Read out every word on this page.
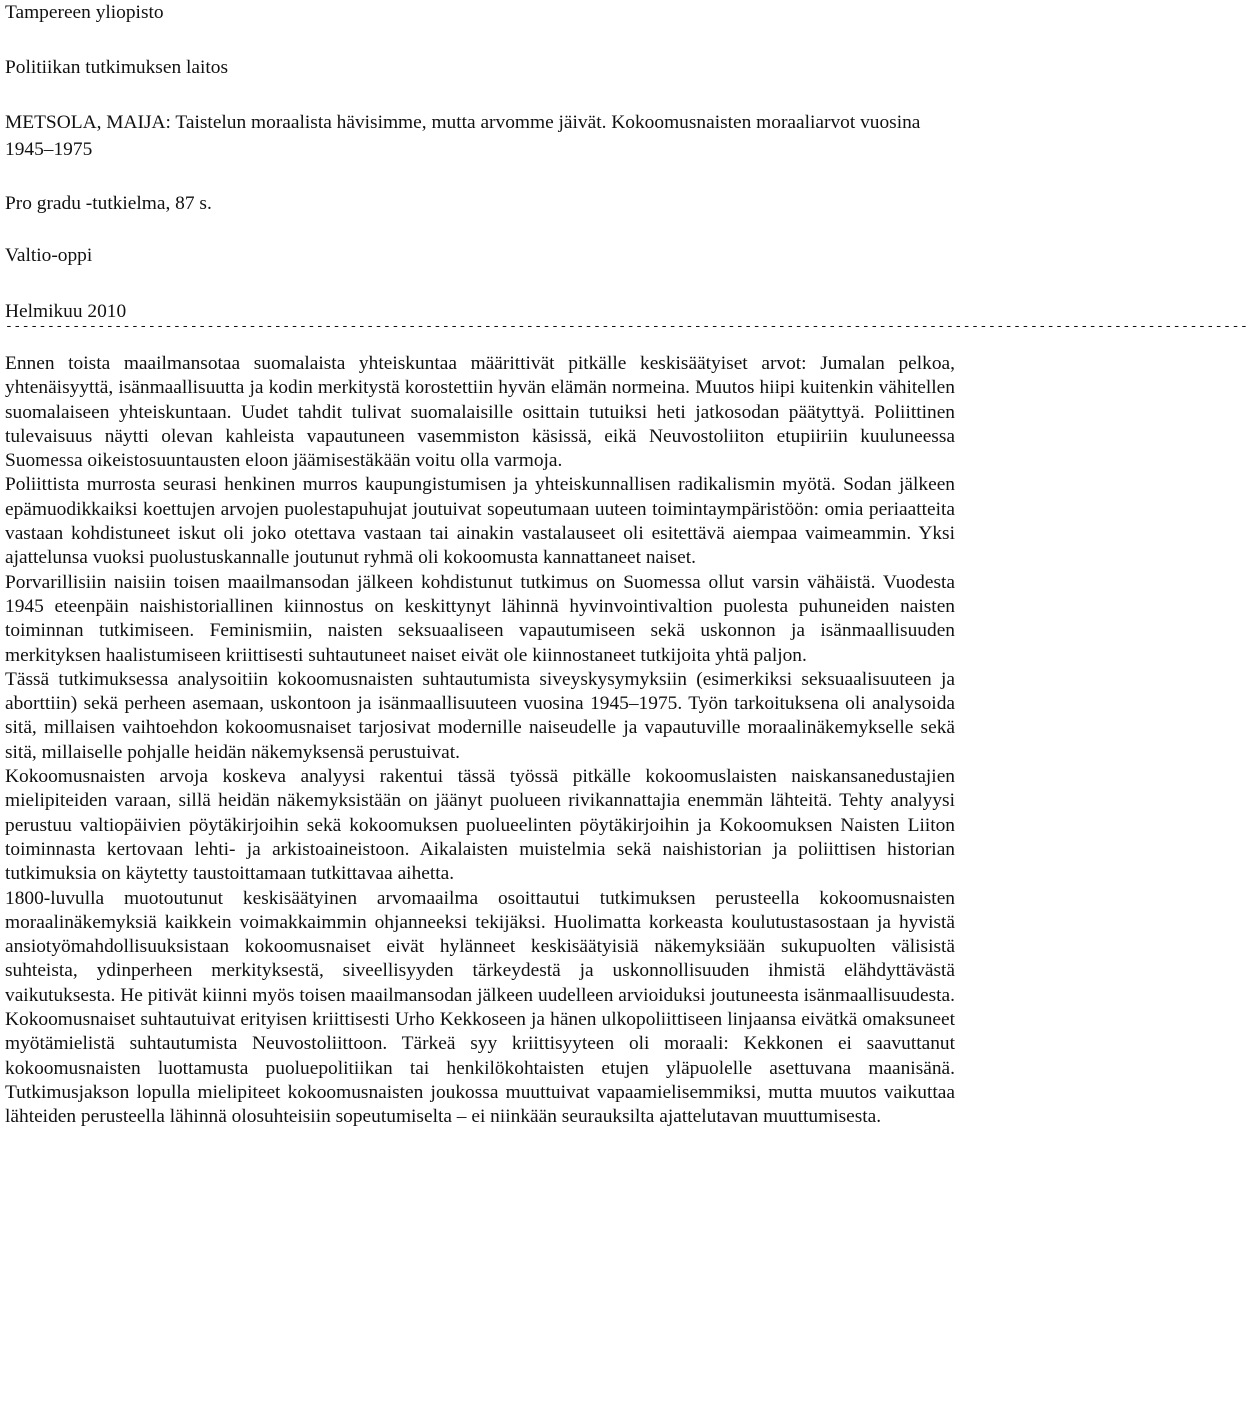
Tampereen yliopisto

Politiikan tutkimuksen laitos

METSOLA, MAIJA: Taistelun moraalista hävisimme, mutta arvomme jäivät. Kokoomusnaisten moraaliarvot vuosina 1945–1975

Pro gradu -tutkielma, 87 s.

Valtio-oppi

Helmikuu 2010

----------------------------------------------------------------------------------------------------------------------------------------------------

Ennen toista maailmansotaa suomalaista yhteiskuntaa määrittivät pitkälle keskisäätyiset arvot: Jumalan pelkoa, yhtenäisyyttä, isänmaallisuutta ja kodin merkitystä korostettiin hyvän elämän normeina. Muutos hiipi kuitenkin vähitellen suomalaiseen yhteiskuntaan. Uudet tahdit tulivat suomalaisille osittain tutuiksi heti jatkosodan päätyttyä. Poliittinen tulevaisuus näytti olevan kahleista vapautuneen vasemmiston käsissä, eikä Neuvostoliiton etupiiriin kuuluneessa Suomessa oikeistosuuntausten eloon jäämisestäkään voitu olla varmoja.

Poliittista murrosta seurasi henkinen murros kaupungistumisen ja yhteiskunnallisen radikalismin myötä. Sodan jälkeen epämuodikkaiksi koettujen arvojen puolestapuhujat joutuivat sopeutumaan uuteen toimintaympäristöön: omia periaatteita vastaan kohdistuneet iskut oli joko otettava vastaan tai ainakin vastalauseet oli esitettävä aiempaa vaimeammin. Yksi ajattelunsa vuoksi puolustuskannalle joutunut ryhmä oli kokoomusta kannattaneet naiset.

Porvarillisiin naisiin toisen maailmansodan jälkeen kohdistunut tutkimus on Suomessa ollut varsin vähäistä. Vuodesta 1945 eteenpäin naishistoriallinen kiinnostus on keskittynyt lähinnä hyvinvointivaltion puolesta puhuneiden naisten toiminnan tutkimiseen. Feminismiin, naisten seksuaaliseen vapautumiseen sekä uskonnon ja isänmaallisuuden merkityksen haalistumiseen kriittisesti suhtautuneet naiset eivät ole kiinnostaneet tutkijoita yhtä paljon.

Tässä tutkimuksessa analysoitiin kokoomusnaisten suhtautumista siveyskysymyksiin (esimerkiksi seksuaalisuuteen ja aborttiin) sekä perheen asemaan, uskontoon ja isänmaallisuuteen vuosina 1945–1975. Työn tarkoituksena oli analysoida sitä, millaisen vaihtoehdon kokoomusnaiset tarjosivat modernille naiseudelle ja vapautuville moraalinäkemykselle sekä sitä, millaiselle pohjalle heidän näkemyksensä perustuivat.

Kokoomusnaisten arvoja koskeva analyysi rakentui tässä työssä pitkälle kokoomuslaisten naiskansanedustajien mielipiteiden varaan, sillä heidän näkemyksistään on jäänyt puolueen rivikannattajia enemmän lähteitä. Tehty analyysi perustuu valtiopäivien pöytäkirjoihin sekä kokoomuksen puolueelinten pöytäkirjoihin ja Kokoomuksen Naisten Liiton toiminnasta kertovaan lehti- ja arkistoaineistoon. Aikalaisten muistelmia sekä naishistorian ja poliittisen historian tutkimuksia on käytetty taustoittamaan tutkittavaa aihetta.

1800-luvulla muotoutunut keskisäätyinen arvomaailma osoittautui tutkimuksen perusteella kokoomusnaisten moraalinäkemyksiä kaikkein voimakkaimmin ohjanneeksi tekijäksi. Huolimatta korkeasta koulutustasostaan ja hyvistä ansiotyömahdollisuuksistaan kokoomusnaiset eivät hylänneet keskisäätyisiä näkemyksiään sukupuolten välisistä suhteista, ydinperheen merkityksestä, siveellisyyden tärkeydestä ja uskonnollisuuden ihmistä elähdyttävästä vaikutuksesta. He pitivät kiinni myös toisen maailmansodan jälkeen uudelleen arvioiduksi joutuneesta isänmaallisuudesta. Kokoomusnaiset suhtautuivat erityisen kriittisesti Urho Kekkoseen ja hänen ulkopoliittiseen linjaansa eivätkä omaksuneet myötämielistä suhtautumista Neuvostoliittoon. Tärkeä syy kriittisyyteen oli moraali: Kekkonen ei saavuttanut kokoomusnaisten luottamusta puoluepolitiikan tai henkilökohtaisten etujen yläpuolelle asettuvana maanisänä. Tutkimusjakson lopulla mielipiteet kokoomusnaisten joukossa muuttuivat vapaamielisemmiksi, mutta muutos vaikuttaa lähteiden perusteella lähinnä olosuhteisiin sopeutumiselta – ei niinkään seurauksilta ajattelutavan muuttumisesta.
